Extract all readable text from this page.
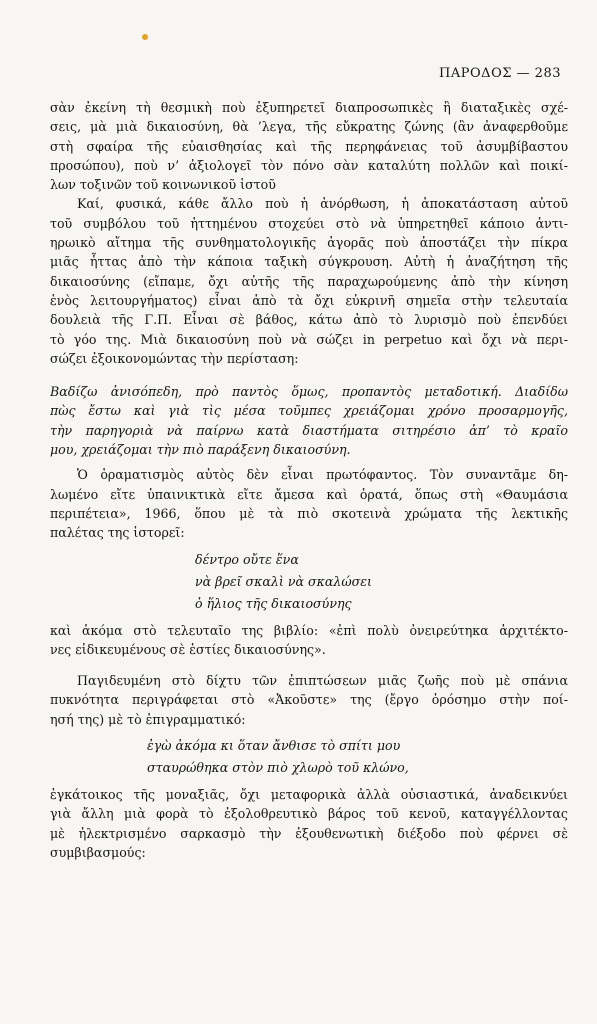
ΠΑΡΟΔΟΣ — 283
σὰν ἐκείνη τὴ θεσμικὴ ποὺ ἐξυπηρετεῖ διαπροσωπικὲς ἢ διαταξικὲς σχέ-
σεις, μὰ μιὰ δικαιοσύνη, θὰ ’λεγα, τῆς εὔκρατης ζώνης (ἂν ἀναφερθοῦμε
στὴ σφαίρα τῆς εὐαισθησίας καὶ τῆς περηφάνειας τοῦ ἀσυμβίβαστου
προσώπου), ποὺ ν’ ἀξιολογεῖ τὸν πόνο σὰν καταλύτη πολλῶν καὶ ποικί-
λων τοξινῶν τοῦ κοινωνικοῦ ἱστοῦ
Καί, φυσικά, κάθε ἄλλο ποὺ ἡ ἀνόρθωση, ἡ ἀποκατάσταση αὐτοῦ
τοῦ συμβόλου τοῦ ἡττημένου στοχεύει στὸ νὰ ὑπηρετηθεῖ κάποιο ἀντι-
ηρωικὸ αἴτημα τῆς συνθηματολογικῆς ἀγορᾶς ποὺ ἀποστάζει τὴν πίκρα
μιᾶς ἧττας ἀπὸ τὴν κάποια ταξικὴ σύγκρουση. Αὐτὴ ἡ ἀναζήτηση τῆς
δικαιοσύνης (εἴπαμε, ὄχι αὐτῆς τῆς παραχωρούμενης ἀπὸ τὴν κίνηση
ἑνὸς λειτουργήματος) εἶναι ἀπὸ τὰ ὄχι εὐκρινῆ σημεῖα στὴν τελευταία
δουλειὰ τῆς Γ.Π. Εἶναι σὲ βάθος, κάτω ἀπὸ τὸ λυρισμὸ ποὺ ἐπενδύει
τὸ γόο της. Μιὰ δικαιοσύνη ποὺ νὰ σώζει in perpetuo καὶ ὄχι νὰ περι-
σώζει ἐξοικονομώντας τὴν περίσταση:
Βαδίζω ἀνισόπεδη, πρὸ παντὸς ὅμως, προπαντὸς μεταδοτική. Διαδίδω
πὼς ἔστω καὶ γιὰ τὶς μέσα τοῦμπες χρειάζομαι χρόνο προσαρμογῆς,
τὴν παρηγοριὰ νὰ παίρνω κατὰ διαστήματα σιτηρέσιο ἀπ’ τὸ κραῖο
μου, χρειάζομαι τὴν πιὸ παράξενη δικαιοσύνη.
Ὁ ὁραματισμὸς αὐτὸς δὲν εἶναι πρωτόφαντος. Τὸν συναντᾶμε δη-
λωμένο εἴτε ὑπαινικτικὰ εἴτε ἄμεσα καὶ ὁρατά, ὅπως στὴ «Θαυμάσια
περιπέτεια», 1966, ὅπου μὲ τὰ πιὸ σκοτεινὰ χρώματα τῆς λεκτικῆς
παλέτας της ἱστορεῖ:
δέντρο οὔτε ἕνα
νὰ βρεῖ σκαλὶ νὰ σκαλώσει
ὁ ἥλιος τῆς δικαιοσύνης
καὶ ἀκόμα στὸ τελευταῖο της βιβλίο: «ἐπὶ πολὺ ὀνειρεύτηκα ἀρχιτέκτο-
νες εἰδικευμένους σὲ ἑστίες δικαιοσύνης».
Παγιδευμένη στὸ δίχτυ τῶν ἐπιπτώσεων μιᾶς ζωῆς ποὺ μὲ σπάνια
πυκνότητα περιγράφεται στὸ «Ἀκοῦστε» της (ἔργο ὁρόσημο στὴν ποί-
ησή της) μὲ τὸ ἐπιγραμματικό:
ἐγὼ ἀκόμα κι ὅταν ἄνθισε τὸ σπίτι μου
σταυρώθηκα στὸν πιὸ χλωρὸ τοῦ κλώνο,
ἐγκάτοικος τῆς μοναξιᾶς, ὄχι μεταφορικὰ ἀλλὰ οὐσιαστικά, ἀναδεικνύει
γιὰ ἄλλη μιὰ φορὰ τὸ ἐξολοθρευτικὸ βάρος τοῦ κενοῦ, καταγγέλλοντας
μὲ ἠλεκτρισμένο σαρκασμὸ τὴν ἐξουθενωτικὴ διέξοδο ποὺ φέρνει σὲ
συμβιβασμούς:
